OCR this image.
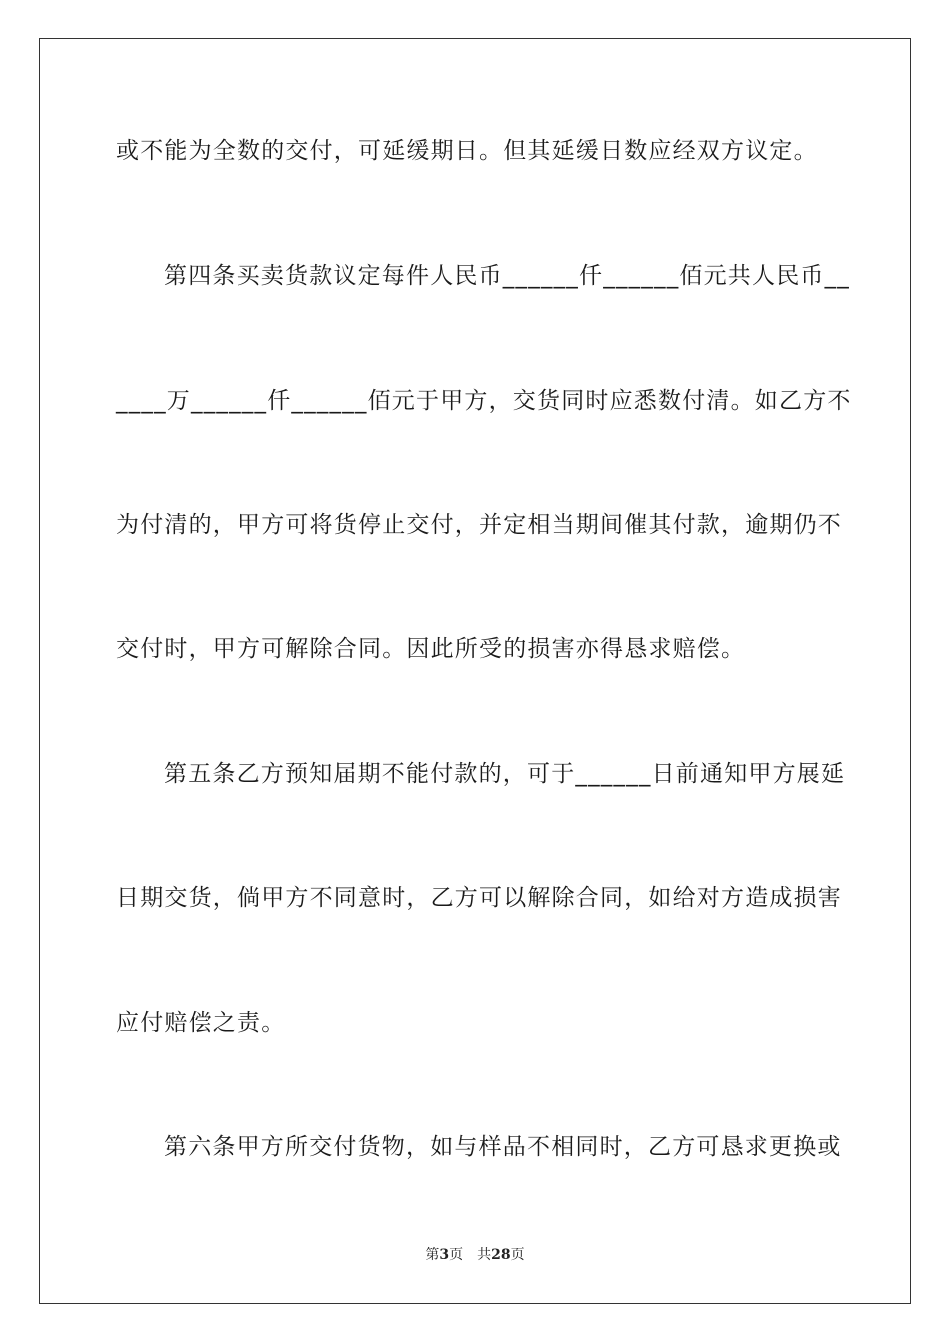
或不能为全数的交付，可延缓期日。但其延缓日数应经双方议定。
第四条买卖货款议定每件人民币______仟______佰元共人民币__
____万______仟______佰元于甲方，交货同时应悉数付清。如乙方不
为付清的，甲方可将货停止交付，并定相当期间催其付款，逾期仍不
交付时，甲方可解除合同。因此所受的损害亦得恳求赔偿。
第五条乙方预知届期不能付款的，可于______日前通知甲方展延
日期交货，倘甲方不同意时，乙方可以解除合同，如给对方造成损害
应付赔偿之责。
第六条甲方所交付货物，如与样品不相同时，乙方可恳求更换或
第3页 共28页
